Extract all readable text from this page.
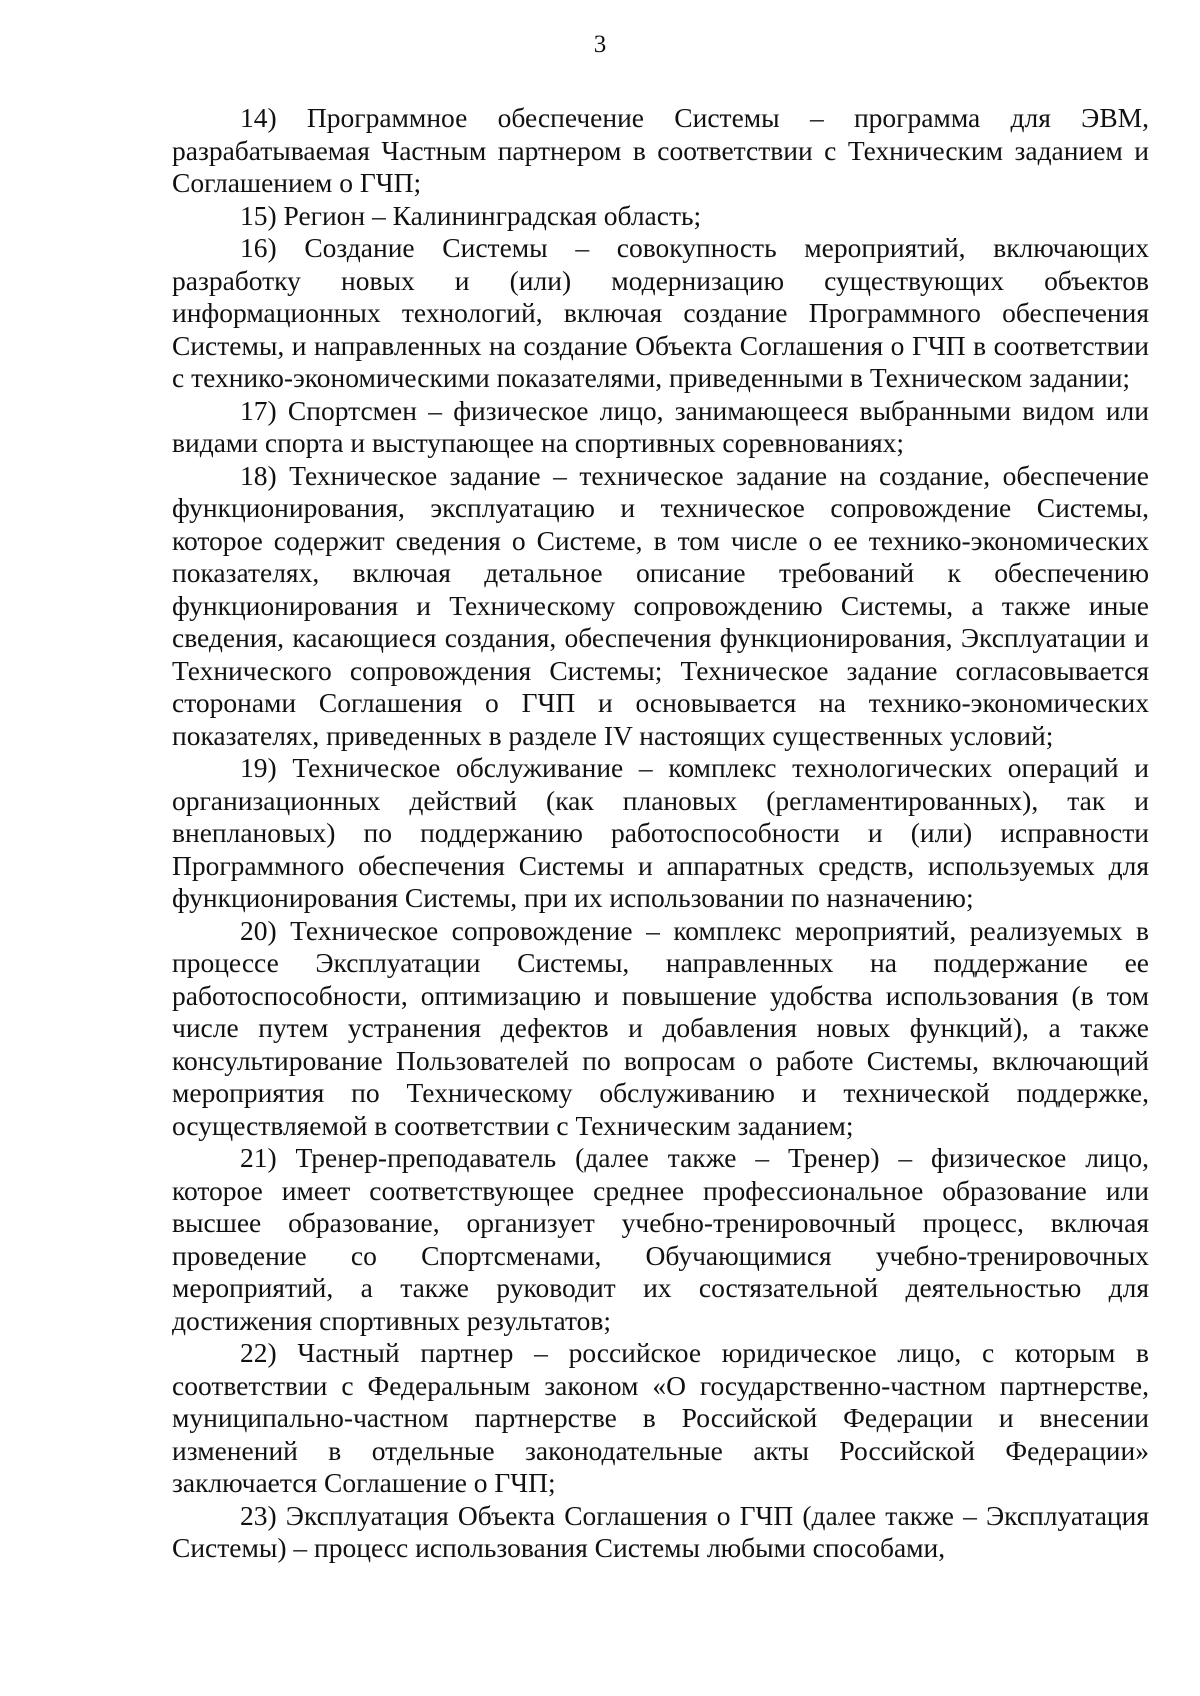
3

14) Программное обеспечение Системы – программа для ЭВМ, разрабатываемая Частным партнером в соответствии с Техническим заданием и Соглашением о ГЧП;

15) Регион – Калининградская область;

16) Создание Системы – совокупность мероприятий, включающих разработку новых и (или) модернизацию существующих объектов информационных технологий, включая создание Программного обеспечения Системы, и направленных на создание Объекта Соглашения о ГЧП в соответствии с технико-экономическими показателями, приведенными в Техническом задании;

17) Спортсмен – физическое лицо, занимающееся выбранными видом или видами спорта и выступающее на спортивных соревнованиях;

18) Техническое задание – техническое задание на создание, обеспечение функционирования, эксплуатацию и техническое сопровождение Системы, которое содержит сведения о Системе, в том числе о ее технико-экономических показателях, включая детальное описание требований к обеспечению функционирования и Техническому сопровождению Системы, а также иные сведения, касающиеся создания, обеспечения функционирования, Эксплуатации и Технического сопровождения Системы; Техническое задание согласовывается сторонами Соглашения о ГЧП и основывается на технико-экономических показателях, приведенных в разделе IV настоящих существенных условий;

19) Техническое обслуживание – комплекс технологических операций и организационных действий (как плановых (регламентированных), так и внеплановых) по поддержанию работоспособности и (или) исправности Программного обеспечения Системы и аппаратных средств, используемых для функционирования Системы, при их использовании по назначению;

20) Техническое сопровождение – комплекс мероприятий, реализуемых в процессе Эксплуатации Системы, направленных на поддержание ее работоспособности, оптимизацию и повышение удобства использования (в том числе путем устранения дефектов и добавления новых функций), а также консультирование Пользователей по вопросам о работе Системы, включающий мероприятия по Техническому обслуживанию и технической поддержке, осуществляемой в соответствии с Техническим заданием;

21) Тренер-преподаватель (далее также – Тренер) – физическое лицо, которое имеет соответствующее среднее профессиональное образование или высшее образование, организует учебно-тренировочный процесс, включая проведение со Спортсменами, Обучающимися учебно-тренировочных мероприятий, а также руководит их состязательной деятельностью для достижения спортивных результатов;

22) Частный партнер – российское юридическое лицо, с которым в соответствии с Федеральным законом «О государственно-частном партнерстве, муниципально-частном партнерстве в Российской Федерации и внесении изменений в отдельные законодательные акты Российской Федерации» заключается Соглашение о ГЧП;

23) Эксплуатация Объекта Соглашения о ГЧП (далее также – Эксплуатация Системы) – процесс использования Системы любыми способами,
